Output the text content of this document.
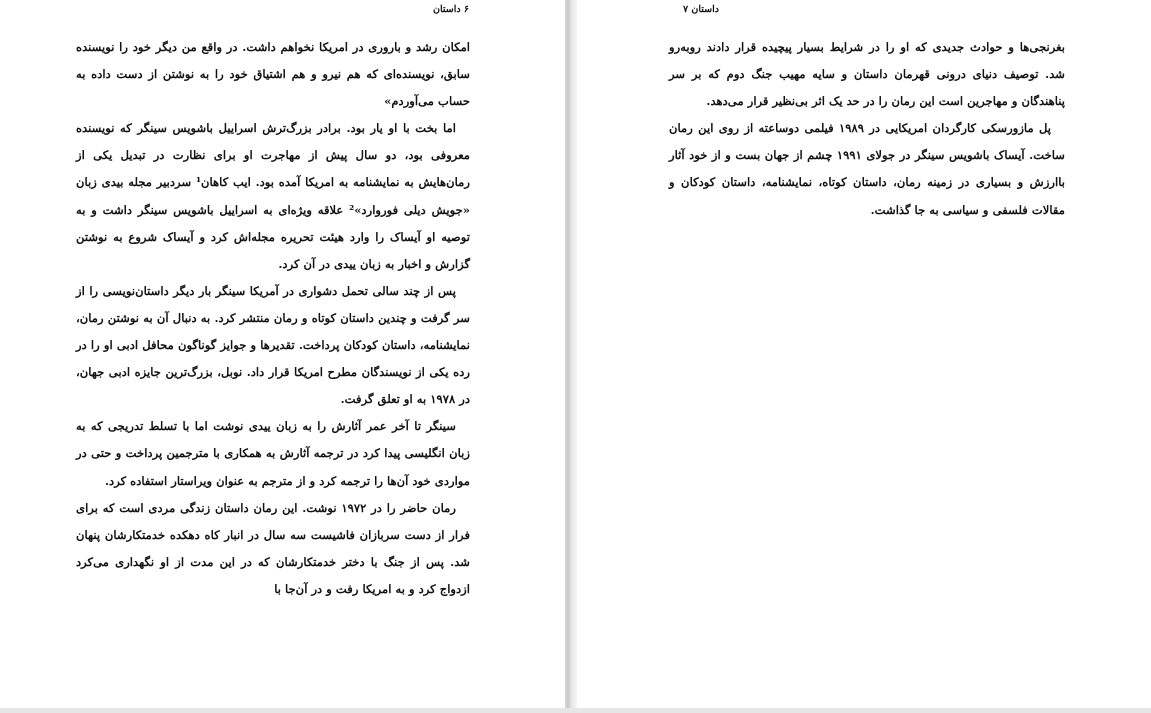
۶ داستان

امکان رشد و باروری در امریکا نخواهم داشت. در واقع من دیگر خود را نویسنده سابق، نویسنده‌ای که هم نیرو و هم اشتیاق خود را به نوشتن از دست داده به حساب می‌آوردم»

اما بخت با او یار بود. برادر بزرگ‌ترش اسراییل باشویس سینگر که نویسنده معروفی بود، دو سال پیش از مهاجرت او برای نظارت در تبدیل یکی از رمان‌هایش به نمایشنامه به امریکا آمده بود. ایب کاهان¹ سردبیر مجله بیدی زبان «جویش دیلی فوروارد»² علاقه ویژه‌ای به اسراییل باشویس سینگر داشت و به توصیه او آیساک را وارد هیئت تحریره مجله‌اش کرد و آیساک شروع به نوشتن گزارش و اخبار به زبان ییدی در آن کرد.

پس از چند سالی تحمل دشواری در آمریکا سینگر بار دیگر داستان‌نویسی را از سر گرفت و چندین داستان کوتاه و رمان منتشر کرد. به دنبال آن به نوشتن رمان، نمایشنامه، داستان کودکان پرداخت. تقدیرها و جوایز گوناگون محافل ادبی او را در رده یکی از نویسندگان مطرح امریکا قرار داد. نوبل، بزرگ‌ترین جایزه ادبی جهان، در ۱۹۷۸ به او تعلق گرفت.

سینگر تا آخر عمر آثارش را به زبان ییدی نوشت اما با تسلط تدریجی که به زبان انگلیسی پیدا کرد در ترجمه آثارش به همکاری با مترجمین پرداخت و حتی در مواردی خود آن‌ها را ترجمه کرد و از مترجم به عنوان ویراستار استفاده کرد.

رمان حاضر را در ۱۹۷۲ نوشت. این رمان داستان زندگی مردی است که برای فرار از دست سربازان فاشیست سه سال در انبار کاه دهکده خدمتکارشان پنهان شد. پس از جنگ با دختر خدمتکارشان که در این مدت از او نگهداری می‌کرد ازدواج کرد و به امریکا رفت و در آن‌جا با

داستان ۷

بغرنجی‌ها و حوادث جدیدی که او را در شرایط بسیار پیچیده قرار دادند روبه‌رو شد. توصیف دنیای درونی قهرمان داستان و سایه مهیب جنگ دوم که بر سر پناهندگان و مهاجرین است این رمان را در حد یک اثر بی‌نظیر قرار می‌دهد.

پل مازورسکی کارگردان امریکایی در ۱۹۸۹ فیلمی دوساعته از روی این رمان ساخت. آیساک باشویس سینگر در جولای ۱۹۹۱ چشم از جهان بست و از خود آثار باارزش و بسیاری در زمینه رمان، داستان کوتاه، نمایشنامه، داستان کودکان و مقالات فلسفی و سیاسی به جا گذاشت.
